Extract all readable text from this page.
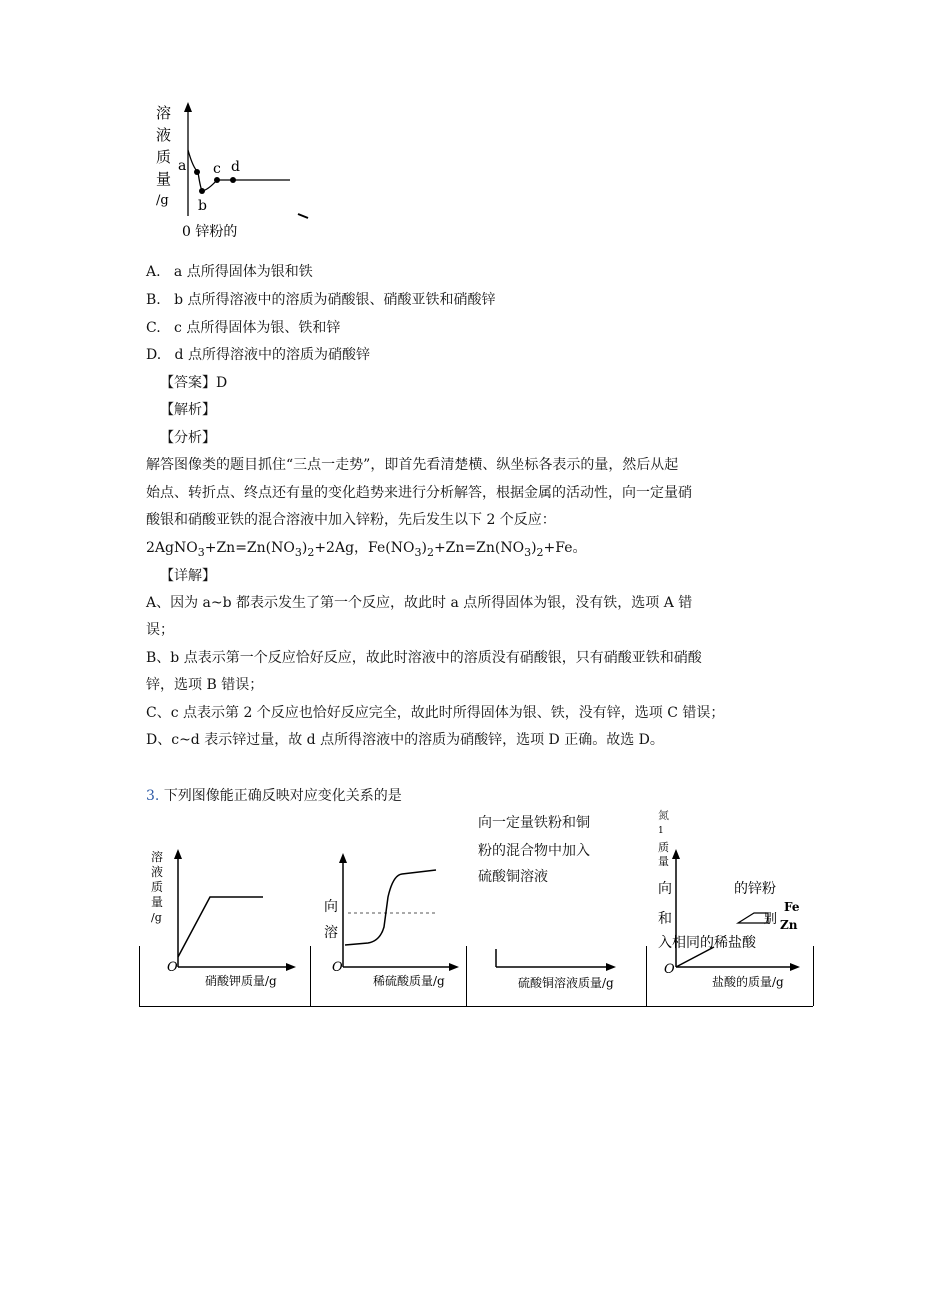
溶
液
质
量
/g
a
b
c d
0 锌粉的
A. a 点所得固体为银和铁
B. b 点所得溶液中的溶质为硝酸银、硝酸亚铁和硝酸锌
C. c 点所得固体为银、铁和锌
D. d 点所得溶液中的溶质为硝酸锌
【答案】D
【解析】
【分析】
解答图像类的题目抓住“三点一走势”，即首先看清楚横、纵坐标各表示的量，然后从起
始点、转折点、终点还有量的变化趋势来进行分析解答，根据金属的活动性，向一定量硝
酸银和硝酸亚铁的混合溶液中加入锌粉，先后发生以下 2 个反应：
$2AgNO_3+Zn=Zn(NO_3)_2+2Ag$，$Fe(NO_3)_2+Zn=Zn(NO_3)_2+Fe$。
【详解】
A、因为 a~b 都表示发生了第一个反应，故此时 a 点所得固体为银，没有铁，选项 A 错
误；
B、b 点表示第一个反应恰好反应，故此时溶液中的溶质没有硝酸银，只有硝酸亚铁和硝酸
锌，选项 B 错误；
C、c 点表示第 2 个反应也恰好反应完全，故此时所得固体为银、铁，没有锌，选项 C 错误；
D、c~d 表示锌过量，故 d 点所得溶液中的溶质为硝酸锌，选项 D 正确。故选 D。
3. 下列图像能正确反映对应变化关系的是
向一定量铁粉和铜
粉的混合物中加入
硫酸铜溶液
溶
液
质
量
/g
O
硝酸钾质量/g
向
溶
O
稀硫酸质量/g	硫酸铜溶液质量/g
氮
1
质
量
向	的锌粉
和	别
入相同的稀盐酸
Fe
Zn
O
盐酸的质量/g
